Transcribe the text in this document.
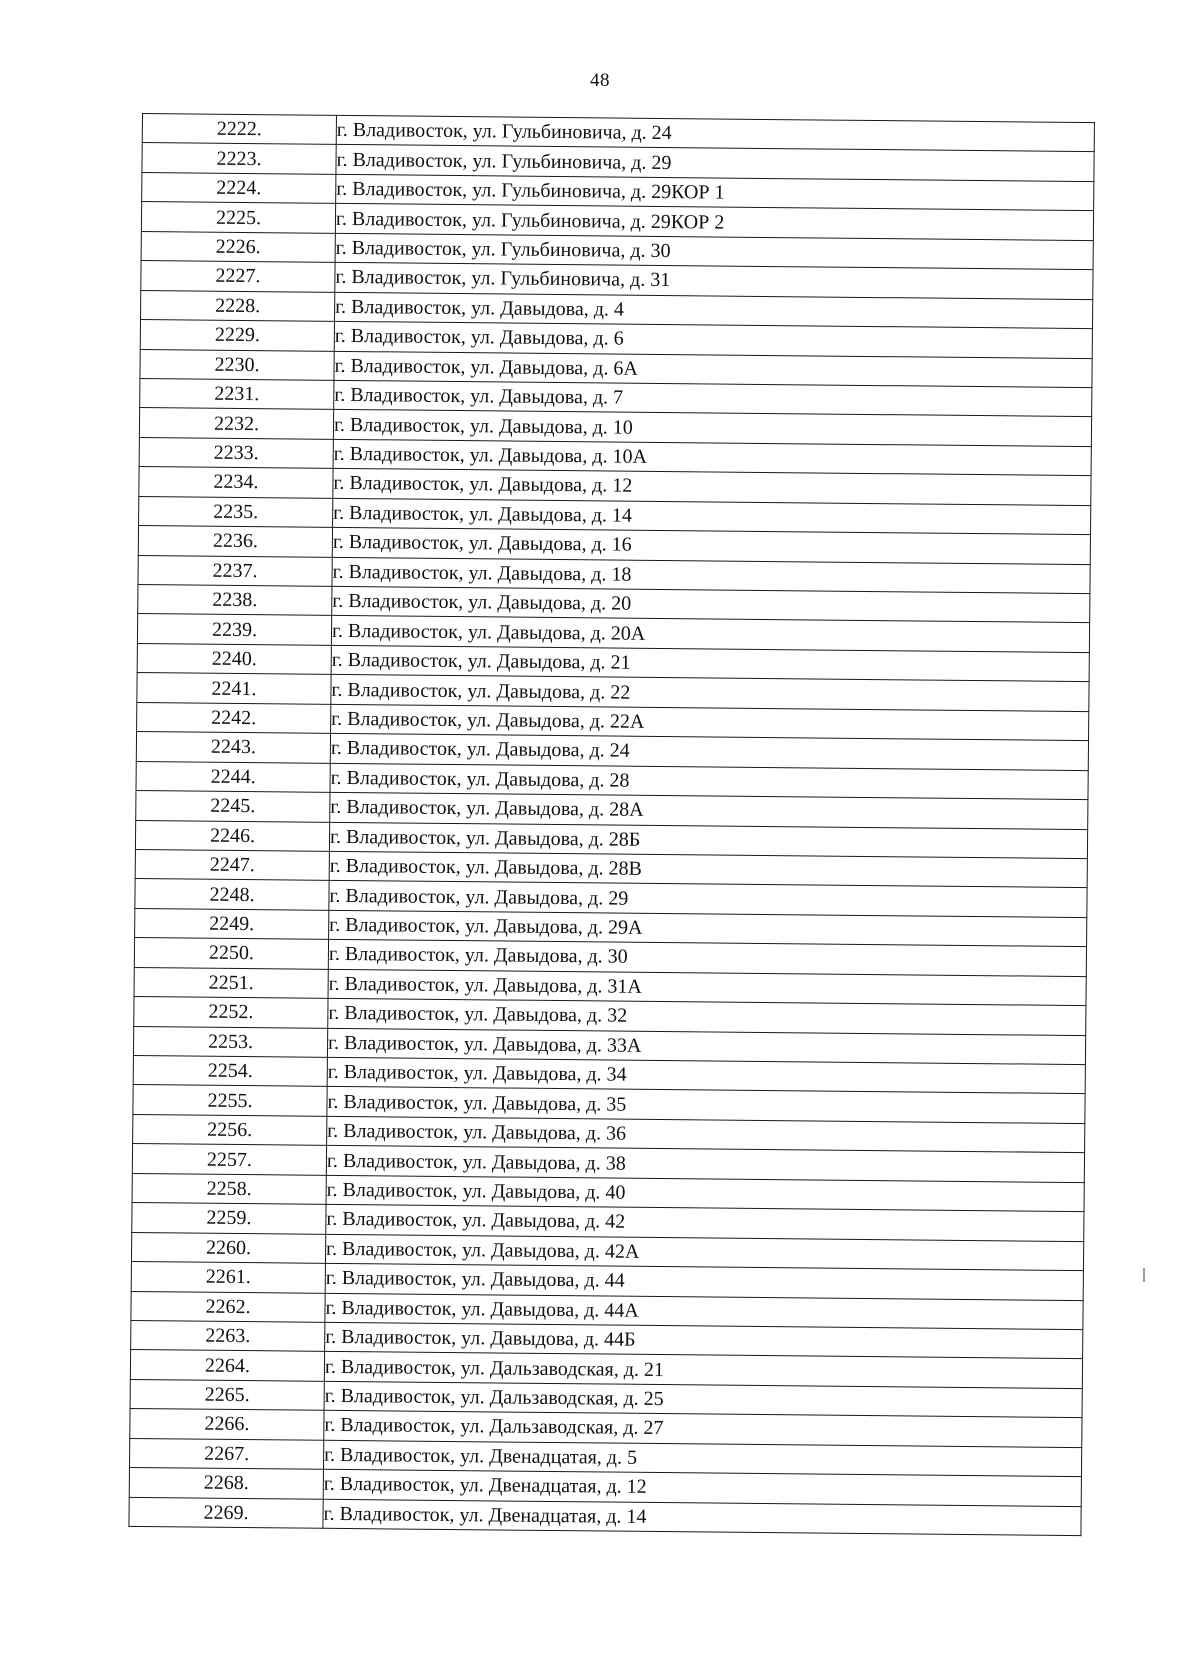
48
2222.	г. Владивосток, ул. Гульбиновича, д. 24
2223.	г. Владивосток, ул. Гульбиновича, д. 29
2224.	г. Владивосток, ул. Гульбиновича, д. 29КОР 1
2225.	г. Владивосток, ул. Гульбиновича, д. 29КОР 2
2226.	г. Владивосток, ул. Гульбиновича, д. 30
2227.	г. Владивосток, ул. Гульбиновича, д. 31
2228.	г. Владивосток, ул. Давыдова, д. 4
2229.	г. Владивосток, ул. Давыдова, д. 6
2230.	г. Владивосток, ул. Давыдова, д. 6А
2231.	г. Владивосток, ул. Давыдова, д. 7
2232.	г. Владивосток, ул. Давыдова, д. 10
2233.	г. Владивосток, ул. Давыдова, д. 10А
2234.	г. Владивосток, ул. Давыдова, д. 12
2235.	г. Владивосток, ул. Давыдова, д. 14
2236.	г. Владивосток, ул. Давыдова, д. 16
2237.	г. Владивосток, ул. Давыдова, д. 18
2238.	г. Владивосток, ул. Давыдова, д. 20
2239.	г. Владивосток, ул. Давыдова, д. 20А
2240.	г. Владивосток, ул. Давыдова, д. 21
2241.	г. Владивосток, ул. Давыдова, д. 22
2242.	г. Владивосток, ул. Давыдова, д. 22А
2243.	г. Владивосток, ул. Давыдова, д. 24
2244.	г. Владивосток, ул. Давыдова, д. 28
2245.	г. Владивосток, ул. Давыдова, д. 28А
2246.	г. Владивосток, ул. Давыдова, д. 28Б
2247.	г. Владивосток, ул. Давыдова, д. 28В
2248.	г. Владивосток, ул. Давыдова, д. 29
2249.	г. Владивосток, ул. Давыдова, д. 29А
2250.	г. Владивосток, ул. Давыдова, д. 30
2251.	г. Владивосток, ул. Давыдова, д. 31А
2252.	г. Владивосток, ул. Давыдова, д. 32
2253.	г. Владивосток, ул. Давыдова, д. 33А
2254.	г. Владивосток, ул. Давыдова, д. 34
2255.	г. Владивосток, ул. Давыдова, д. 35
2256.	г. Владивосток, ул. Давыдова, д. 36
2257.	г. Владивосток, ул. Давыдова, д. 38
2258.	г. Владивосток, ул. Давыдова, д. 40
2259.	г. Владивосток, ул. Давыдова, д. 42
2260.	г. Владивосток, ул. Давыдова, д. 42А
2261.	г. Владивосток, ул. Давыдова, д. 44
2262.	г. Владивосток, ул. Давыдова, д. 44А
2263.	г. Владивосток, ул. Давыдова, д. 44Б
2264.	г. Владивосток, ул. Дальзаводская, д. 21
2265.	г. Владивосток, ул. Дальзаводская, д. 25
2266.	г. Владивосток, ул. Дальзаводская, д. 27
2267.	г. Владивосток, ул. Двенадцатая, д. 5
2268.	г. Владивосток, ул. Двенадцатая, д. 12
2269.	г. Владивосток, ул. Двенадцатая, д. 14
